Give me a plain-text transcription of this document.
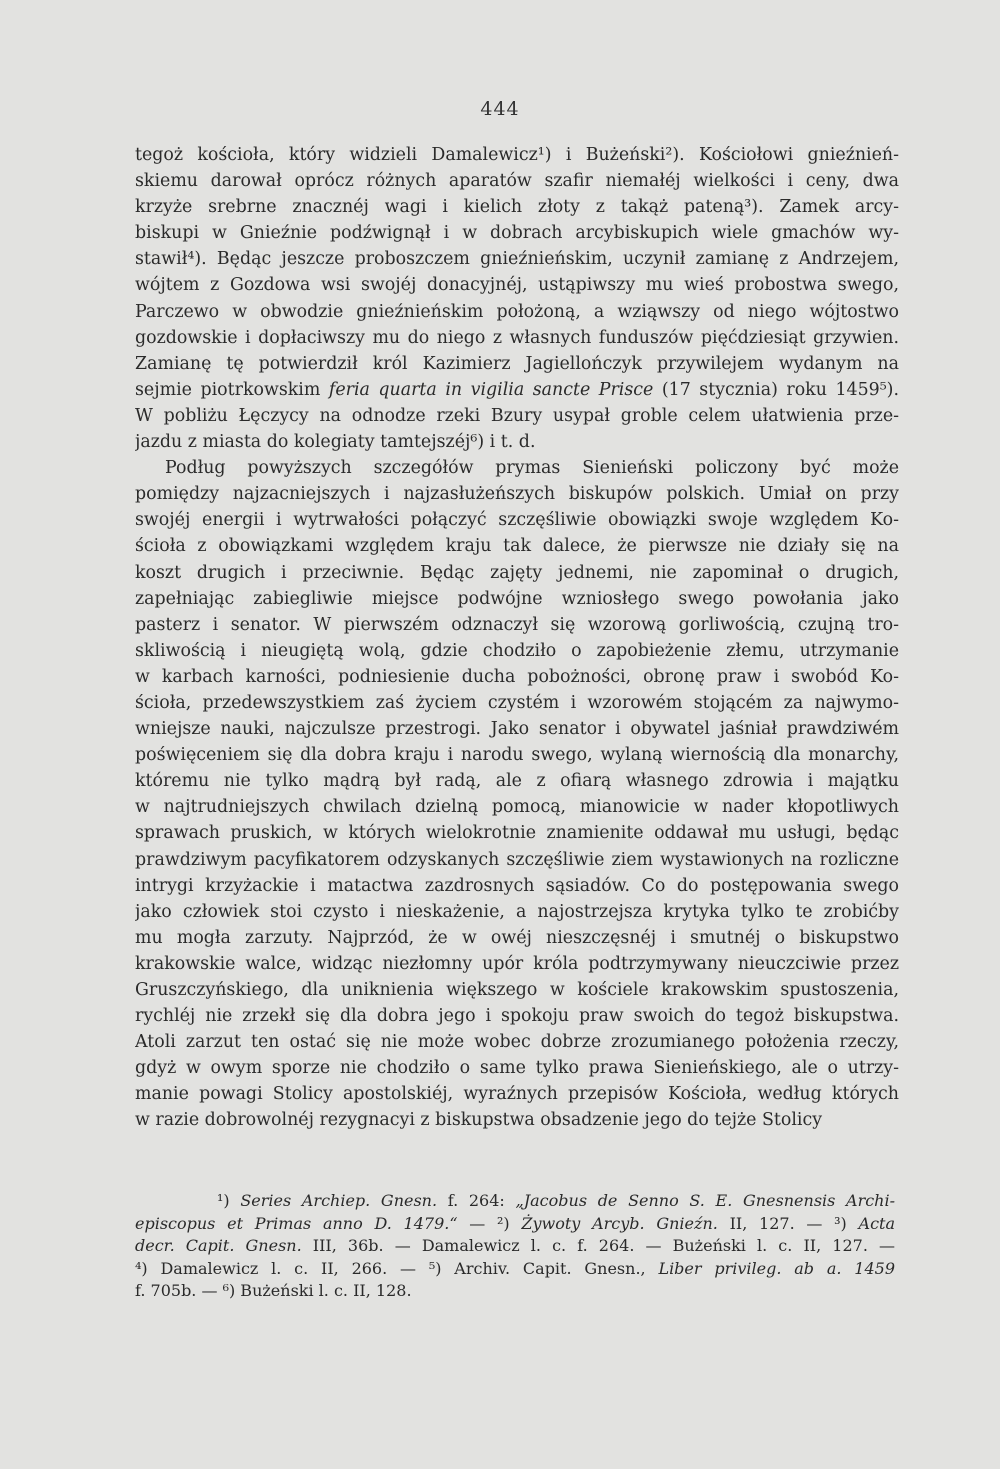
444
tegoż kościoła, który widzieli Damalewicz¹) i Bużeński²). Kościołowi gnieźnień-
skiemu darował oprócz różnych aparatów szafir niemałéj wielkości i ceny, dwa
krzyże srebrne znacznéj wagi i kielich złoty z takąż pateną³). Zamek arcy-
biskupi w Gnieźnie podźwignął i w dobrach arcybiskupich wiele gmachów wy-
stawił⁴). Będąc jeszcze proboszczem gnieźnieńskim, uczynił zamianę z Andrzejem,
wójtem z Gozdowa wsi swojéj donacyjnéj, ustąpiwszy mu wieś probostwa swego,
Parczewo w obwodzie gnieźnieńskim położoną, a wziąwszy od niego wójtostwo
gozdowskie i dopłaciwszy mu do niego z własnych funduszów pięćdziesiąt grzywien.
Zamianę tę potwierdził król Kazimierz Jagiellończyk przywilejem wydanym na
sejmie piotrkowskim feria quarta in vigilia sancte Prisce (17 stycznia) roku 1459⁵).
W pobliżu Łęczycy na odnodze rzeki Bzury usypał groble celem ułatwienia prze-
jazdu z miasta do kolegiaty tamtejszéj⁶) i t. d.
Podług powyższych szczegółów prymas Sienieński policzony być może
pomiędzy najzacniejszych i najzasłużeńszych biskupów polskich. Umiał on przy
swojéj energii i wytrwałości połączyć szczęśliwie obowiązki swoje względem Ko-
ścioła z obowiązkami względem kraju tak dalece, że pierwsze nie działy się na
koszt drugich i przeciwnie. Będąc zajęty jednemi, nie zapominał o drugich,
zapełniając zabiegliwie miejsce podwójne wzniosłego swego powołania jako
pasterz i senator. W pierwszém odznaczył się wzorową gorliwością, czujną tro-
skliwością i nieugiętą wolą, gdzie chodziło o zapobieżenie złemu, utrzymanie
w karbach karności, podniesienie ducha pobożności, obronę praw i swobód Ko-
ścioła, przedewszystkiem zaś życiem czystém i wzorowém stojącém za najwymo-
wniejsze nauki, najczulsze przestrogi. Jako senator i obywatel jaśniał prawdziwém
poświęceniem się dla dobra kraju i narodu swego, wylaną wiernością dla monarchy,
któremu nie tylko mądrą był radą, ale z ofiarą własnego zdrowia i majątku
w najtrudniejszych chwilach dzielną pomocą, mianowicie w nader kłopotliwych
sprawach pruskich, w których wielokrotnie znamienite oddawał mu usługi, będąc
prawdziwym pacyfikatorem odzyskanych szczęśliwie ziem wystawionych na rozliczne
intrygi krzyżackie i matactwa zazdrosnych sąsiadów. Co do postępowania swego
jako człowiek stoi czysto i nieskażenie, a najostrzejsza krytyka tylko te zrobićby
mu mogła zarzuty. Najprzód, że w owéj nieszczęsnéj i smutnéj o biskupstwo
krakowskie walce, widząc niezłomny upór króla podtrzymywany nieuczciwie przez
Gruszczyńskiego, dla uniknienia większego w kościele krakowskim spustoszenia,
rychléj nie zrzekł się dla dobra jego i spokoju praw swoich do tegoż biskupstwa.
Atoli zarzut ten ostać się nie może wobec dobrze zrozumianego położenia rzeczy,
gdyż w owym sporze nie chodziło o same tylko prawa Sienieńskiego, ale o utrzy-
manie powagi Stolicy apostolskiéj, wyraźnych przepisów Kościoła, według których
w razie dobrowolnéj rezygnacyi z biskupstwa obsadzenie jego do tejże Stolicy
¹) Series Archiep. Gnesn. f. 264: „Jacobus de Senno S. E. Gnesnensis Archi-
episcopus et Primas anno D. 1479.“ — ²) Żywoty Arcyb. Gnieźn. II, 127. — ³) Acta
decr. Capit. Gnesn. III, 36b. — Damalewicz l. c. f. 264. — Bużeński l. c. II, 127. —
⁴) Damalewicz l. c. II, 266. — ⁵) Archiv. Capit. Gnesn., Liber privileg. ab a. 1459
f. 705b. — ⁶) Bużeński l. c. II, 128.
